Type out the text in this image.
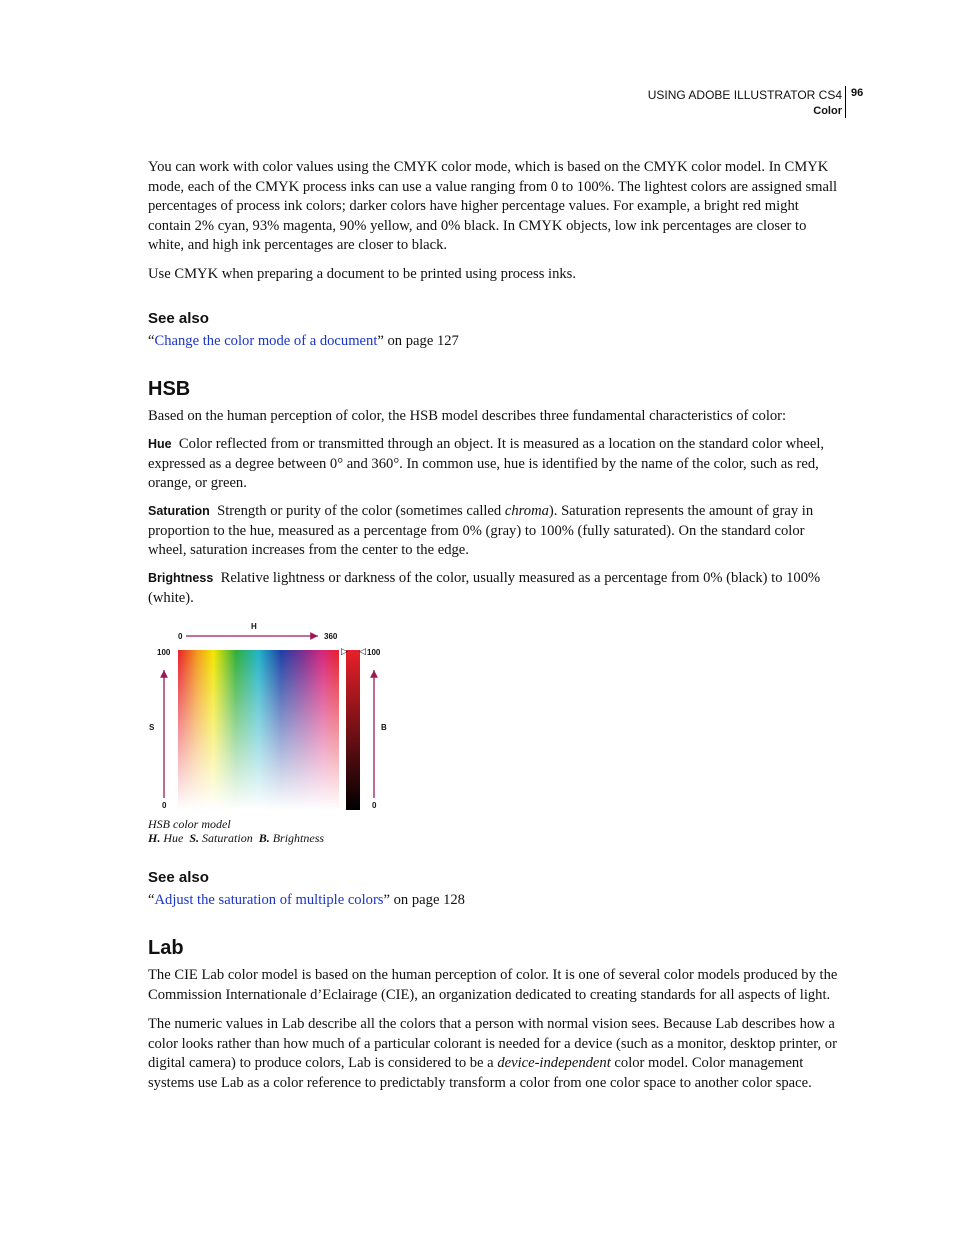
USING ADOBE ILLUSTRATOR CS4
Color
96

You can work with color values using the CMYK color mode, which is based on the CMYK color model. In CMYK mode, each of the CMYK process inks can use a value ranging from 0 to 100%. The lightest colors are assigned small percentages of process ink colors; darker colors have higher percentage values. For example, a bright red might contain 2% cyan, 93% magenta, 90% yellow, and 0% black. In CMYK objects, low ink percentages are closer to white, and high ink percentages are closer to black.

Use CMYK when preparing a document to be printed using process inks.

See also

“Change the color mode of a document” on page 127

HSB

Based on the human perception of color, the HSB model describes three fundamental characteristics of color:

Hue Color reflected from or transmitted through an object. It is measured as a location on the standard color wheel, expressed as a degree between 0° and 360°. In common use, hue is identified by the name of the color, such as red, orange, or green.

Saturation Strength or purity of the color (sometimes called chroma). Saturation represents the amount of gray in proportion to the hue, measured as a percentage from 0% (gray) to 100% (fully saturated). On the standard color wheel, saturation increases from the center to the edge.

Brightness Relative lightness or darkness of the color, usually measured as a percentage from 0% (black) to 100% (white).

H
0	360
100
S
0
▷ ◁ 100
B
0
HSB color model
H. Hue S. Saturation B. Brightness
See also

“Adjust the saturation of multiple colors” on page 128

Lab

The CIE Lab color model is based on the human perception of color. It is one of several color models produced by the Commission Internationale d’Eclairage (CIE), an organization dedicated to creating standards for all aspects of light.

The numeric values in Lab describe all the colors that a person with normal vision sees. Because Lab describes how a color looks rather than how much of a particular colorant is needed for a device (such as a monitor, desktop printer, or digital camera) to produce colors, Lab is considered to be a device-independent color model. Color management systems use Lab as a color reference to predictably transform a color from one color space to another color space.
